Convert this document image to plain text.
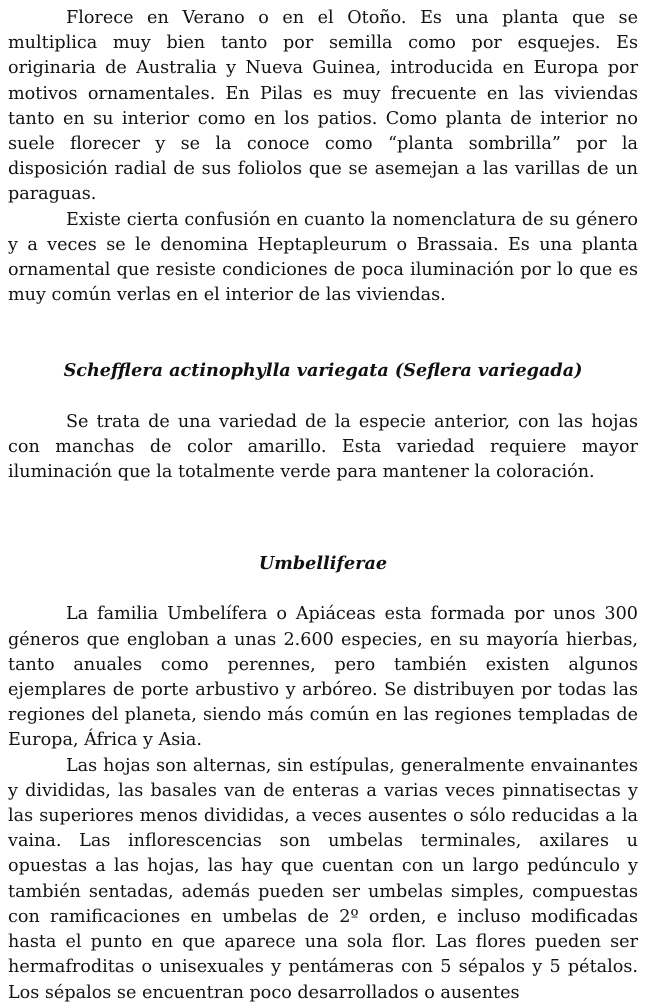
Florece en Verano o en el Otoño. Es una planta que se multiplica muy bien tanto por semilla como por esquejes. Es originaria de Australia y Nueva Guinea, introducida en Europa por motivos ornamentales. En Pilas es muy frecuente en las viviendas tanto en su interior como en los patios. Como planta de interior no suele florecer y se la conoce como “planta sombrilla” por la disposición radial de sus foliolos que se asemejan a las varillas de un paraguas.

Existe cierta confusión en cuanto la nomenclatura de su género y a veces se le denomina Heptapleurum o Brassaia. Es una planta ornamental que resiste condiciones de poca iluminación por lo que es muy común verlas en el interior de las viviendas.

Schefflera actinophylla variegata (Seflera variegada)

Se trata de una variedad de la especie anterior, con las hojas con manchas de color amarillo. Esta variedad requiere mayor iluminación que la totalmente verde para mantener la coloración.

Umbelliferae

La familia Umbelífera o Apiáceas esta formada por unos 300 géneros que engloban a unas 2.600 especies, en su mayoría hierbas, tanto anuales como perennes, pero también existen algunos ejemplares de porte arbustivo y arbóreo. Se distribuyen por todas las regiones del planeta, siendo más común en las regiones templadas de Europa, África y Asia.

Las hojas son alternas, sin estípulas, generalmente envainantes y divididas, las basales van de enteras a varias veces pinnatisectas y las superiores menos divididas, a veces ausentes o sólo reducidas a la vaina. Las inflorescencias son umbelas terminales, axilares u opuestas a las hojas, las hay que cuentan con un largo pedúnculo y también sentadas, además pueden ser umbelas simples, compuestas con ramificaciones en umbelas de 2º orden, e incluso modificadas hasta el punto en que aparece una sola flor. Las flores pueden ser hermafroditas o unisexuales y pentámeras con 5 sépalos y 5 pétalos. Los sépalos se encuentran poco desarrollados o ausentes
